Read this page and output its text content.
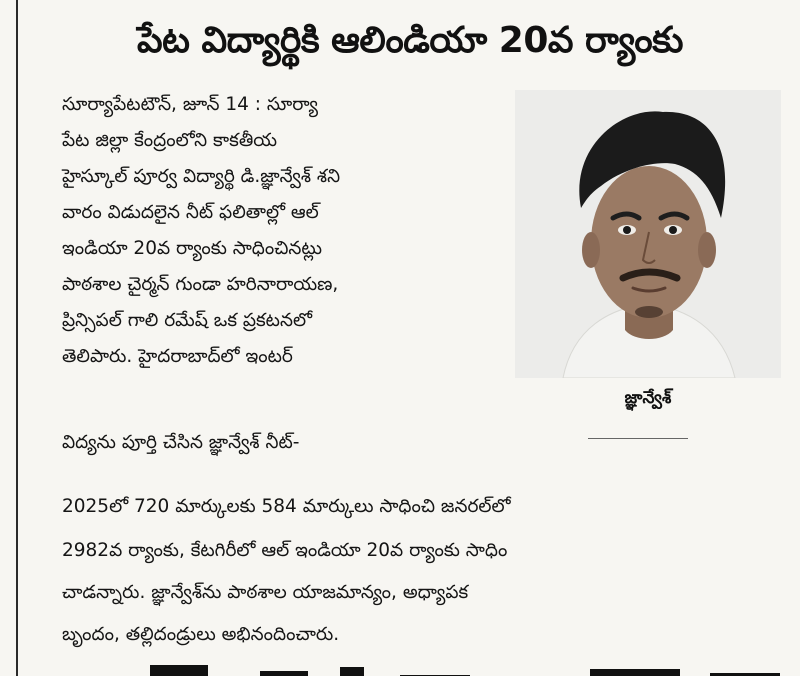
పేట విద్యార్థికి ఆలిండియా 20వ ర్యాంకు
సూర్యాపేటటౌన్, జూన్ 14 : సూర్యా
పేట జిల్లా కేంద్రంలోని కాకతీయ
హైస్కూల్ పూర్వ విద్యార్థి డి.జ్ఞాన్వేశ్ శని
వారం విడుదలైన నీట్ ఫలితాల్లో ఆల్
ఇండియా 20వ ర్యాంకు సాధించినట్లు
పాఠశాల చైర్మన్ గుండా హరినారాయణ,
ప్రిన్సిపల్ గాలి రమేష్ ఒక ప్రకటనలో
తెలిపారు. హైదరాబాద్‌లో ఇంటర్
విద్యను పూర్తి చేసిన జ్ఞాన్వేశ్ నీట్-
2025లో 720 మార్కులకు 584 మార్కులు సాధించి జనరల్‌లో
2982వ ర్యాంకు, కేటగిరీలో ఆల్ ఇండియా 20వ ర్యాంకు సాధిం
చాడన్నారు. జ్ఞాన్వేశ్‌ను పాఠశాల యాజమాన్యం, అధ్యాపక
బృందం, తల్లిదండ్రులు అభినందించారు.
జ్ఞాన్వేశ్
